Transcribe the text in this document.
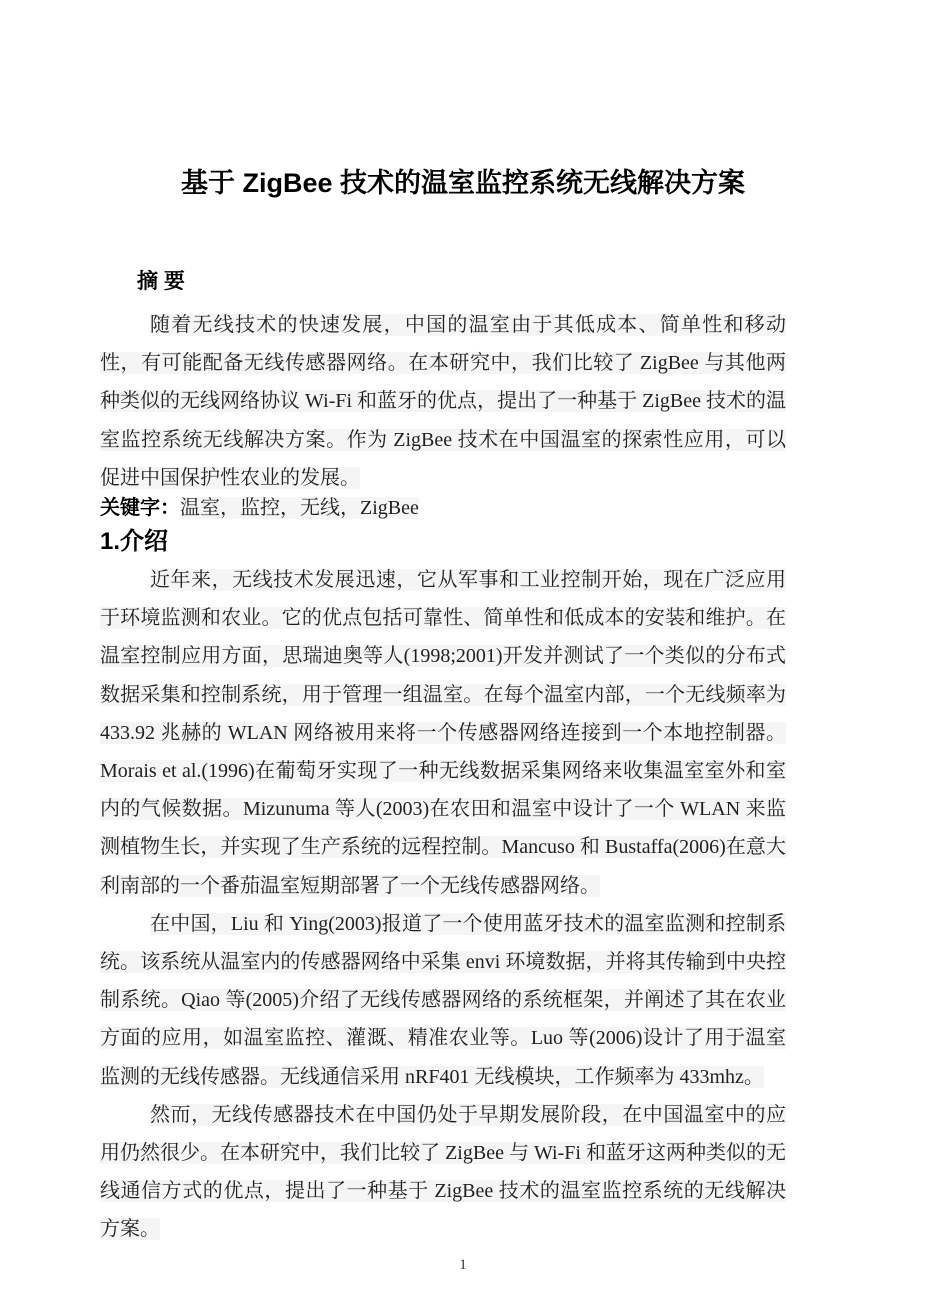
基于 ZigBee 技术的温室监控系统无线解决方案
摘 要

随着无线技术的快速发展，中国的温室由于其低成本、简单性和移动性，有可能配备无线传感器网络。在本研究中，我们比较了 ZigBee 与其他两种类似的无线网络协议 Wi-Fi 和蓝牙的优点，提出了一种基于 ZigBee 技术的温室监控系统无线解决方案。作为 ZigBee 技术在中国温室的探索性应用，可以促进中国保护性农业的发展。

关键字：温室，监控，无线，ZigBee

1.介绍

近年来，无线技术发展迅速，它从军事和工业控制开始，现在广泛应用于环境监测和农业。它的优点包括可靠性、简单性和低成本的安装和维护。在温室控制应用方面，思瑞迪奥等人(1998;2001)开发并测试了一个类似的分布式数据采集和控制系统，用于管理一组温室。在每个温室内部，一个无线频率为 433.92 兆赫的 WLAN 网络被用来将一个传感器网络连接到一个本地控制器。Morais et al.(1996)在葡萄牙实现了一种无线数据采集网络来收集温室室外和室内的气候数据。Mizunuma 等人(2003)在农田和温室中设计了一个 WLAN 来监测植物生长，并实现了生产系统的远程控制。Mancuso 和 Bustaffa(2006)在意大利南部的一个番茄温室短期部署了一个无线传感器网络。

在中国，Liu 和 Ying(2003)报道了一个使用蓝牙技术的温室监测和控制系统。该系统从温室内的传感器网络中采集 envi 环境数据，并将其传输到中央控制系统。Qiao 等(2005)介绍了无线传感器网络的系统框架，并阐述了其在农业方面的应用，如温室监控、灌溉、精准农业等。Luo 等(2006)设计了用于温室监测的无线传感器。无线通信采用 nRF401 无线模块，工作频率为 433mhz。

然而，无线传感器技术在中国仍处于早期发展阶段，在中国温室中的应用仍然很少。在本研究中，我们比较了 ZigBee 与 Wi-Fi 和蓝牙这两种类似的无线通信方式的优点，提出了一种基于 ZigBee 技术的温室监控系统的无线解决方案。

1
